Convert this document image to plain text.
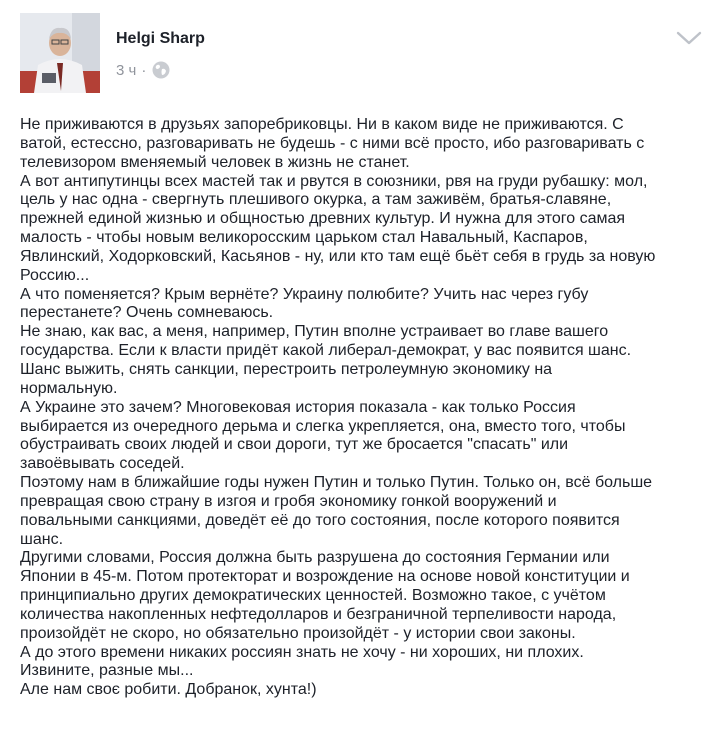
Helgi Sharp
3 ч ·

Не приживаются в друзьях запоребриковцы. Ни в каком виде не приживаются. С
ватой, естесcно, разговаривать не будешь - с ними всё просто, ибо разговаривать с
телевизором вменяемый человек в жизнь не станет.

А вот антипутинцы всех мастей так и рвутся в союзники, рвя на груди рубашку: мол,
цель у нас одна - свергнуть плешивого окурка, а там заживём, братья-славяне,
прежней единой жизнью и общностью древних культур. И нужна для этого самая
малость - чтобы новым великоросским царьком стал Навальный, Каспаров,
Явлинский, Ходорковский, Касьянов - ну, или кто там ещё бьёт себя в грудь за новую
Россию...

А что поменяется? Крым вернёте? Украину полюбите? Учить нас через губу
перестанете? Очень сомневаюсь.

Не знаю, как вас, а меня, например, Путин вполне устраивает во главе вашего
государства. Если к власти придёт какой либерал-демократ, у вас появится шанс.
Шанс выжить, снять санкции, перестроить петролеумную экономику на
нормальную.

А Украине это зачем? Многовековая история показала - как только Россия
выбирается из очередного дерьма и слегка укрепляется, она, вместо того, чтобы
обустраивать своих людей и свои дороги, тут же бросается "спасать" или
завоёвывать соседей.

Поэтому нам в ближайшие годы нужен Путин и только Путин. Только он, всё больше
превращая свою страну в изгоя и гробя экономику гонкой вооружений и
повальными санкциями, доведёт её до того состояния, после которого появится
шанс.

Другими словами, Россия должна быть разрушена до состояния Германии или
Японии в 45-м. Потом протекторат и возрождение на основе новой конституции и
принципиально других демократических ценностей. Возможно такое, с учётом
количества накопленных нефтедолларов и безграничной терпеливости народа,
произойдёт не скоро, но обязательно произойдёт - у истории свои законы.

А до этого времени никаких россиян знать не хочу - ни хороших, ни плохих.
Извините, разные мы...

Але нам своє робити. Добранок, хунта!)
